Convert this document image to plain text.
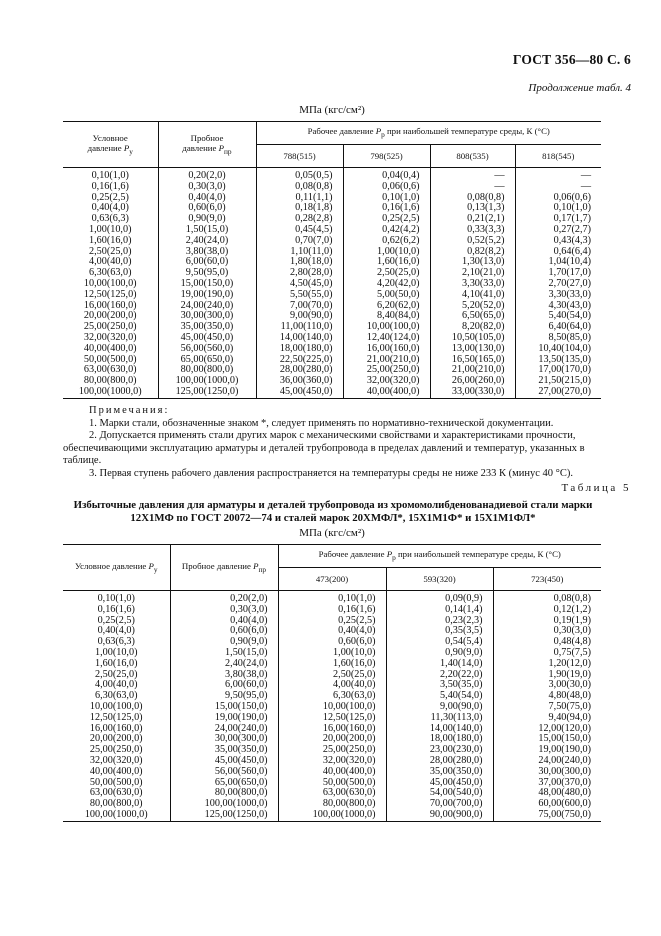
ГОСТ 356—80 С. 6
Продолжение табл. 4
МПа (кгс/см²)
Условное
давление $P_у$	Пробное
давление $P_{пр}$	Рабочее давление $P_р$ при наибольшей температуре среды, К (°С)			
		788(515)	798(525)	808(535)	818(545)
0,10(1,0)	0,20(2,0)	0,05(0,5)	0,04(0,4)	—	—
0,16(1,6)	0,30(3,0)	0,08(0,8)	0,06(0,6)	—	—
0,25(2,5)	0,40(4,0)	0,11(1,1)	0,10(1,0)	0,08(0,8)	0,06(0,6)
0,40(4,0)	0,60(6,0)	0,18(1,8)	0,16(1,6)	0,13(1,3)	0,10(1,0)
0,63(6,3)	0,90(9,0)	0,28(2,8)	0,25(2,5)	0,21(2,1)	0,17(1,7)
1,00(10,0)	1,50(15,0)	0,45(4,5)	0,42(4,2)	0,33(3,3)	0,27(2,7)
1,60(16,0)	2,40(24,0)	0,70(7,0)	0,62(6,2)	0,52(5,2)	0,43(4,3)
2,50(25,0)	3,80(38,0)	1,10(11,0)	1,00(10,0)	0,82(8,2)	0,64(6,4)
4,00(40,0)	6,00(60,0)	1,80(18,0)	1,60(16,0)	1,30(13,0)	1,04(10,4)
6,30(63,0)	9,50(95,0)	2,80(28,0)	2,50(25,0)	2,10(21,0)	1,70(17,0)
10,00(100,0)	15,00(150,0)	4,50(45,0)	4,20(42,0)	3,30(33,0)	2,70(27,0)
12,50(125,0)	19,00(190,0)	5,50(55,0)	5,00(50,0)	4,10(41,0)	3,30(33,0)
16,00(160,0)	24,00(240,0)	7,00(70,0)	6,20(62,0)	5,20(52,0)	4,30(43,0)
20,00(200,0)	30,00(300,0)	9,00(90,0)	8,40(84,0)	6,50(65,0)	5,40(54,0)
25,00(250,0)	35,00(350,0)	11,00(110,0)	10,00(100,0)	8,20(82,0)	6,40(64,0)
32,00(320,0)	45,00(450,0)	14,00(140,0)	12,40(124,0)	10,50(105,0)	8,50(85,0)
40,00(400,0)	56,00(560,0)	18,00(180,0)	16,00(160,0)	13,00(130,0)	10,40(104,0)
50,00(500,0)	65,00(650,0)	22,50(225,0)	21,00(210,0)	16,50(165,0)	13,50(135,0)
63,00(630,0)	80,00(800,0)	28,00(280,0)	25,00(250,0)	21,00(210,0)	17,00(170,0)
80,00(800,0)	100,00(1000,0)	36,00(360,0)	32,00(320,0)	26,00(260,0)	21,50(215,0)
100,00(1000,0)	125,00(1250,0)	45,00(450,0)	40,00(400,0)	33,00(330,0)	27,00(270,0)

Примечания:

1. Марки стали, обозначенные знаком *, следует применять по нормативно-технической документации.

2. Допускается применять стали других марок с механическими свойствами и характеристиками прочности, обеспечивающими эксплуатацию арматуры и деталей трубопровода в пределах давлений и температур, указанных в таблице.

3. Первая ступень рабочего давления распространяется на температуры среды не ниже 233 К (минус 40 °С).

Таблица 5
Избыточные давления для арматуры и деталей трубопровода из хромомолибденованадиевой стали марки 12Х1МФ по ГОСТ 20072—74 и сталей марок 20ХМФЛ*, 15Х1М1Ф* и 15Х1М1ФЛ*
МПа (кгс/см²)
Условное давление $P_у$	Пробное давление $P_{пр}$	Рабочее давление $P_р$ при наибольшей температуре среды, К (°С)		
		473(200)	593(320)	723(450)
0,10(1,0)	0,20(2,0)	0,10(1,0)	0,09(0,9)	0,08(0,8)
0,16(1,6)	0,30(3,0)	0,16(1,6)	0,14(1,4)	0,12(1,2)
0,25(2,5)	0,40(4,0)	0,25(2,5)	0,23(2,3)	0,19(1,9)
0,40(4,0)	0,60(6,0)	0,40(4,0)	0,35(3,5)	0,30(3,0)
0,63(6,3)	0,90(9,0)	0,60(6,0)	0,54(5,4)	0,48(4,8)
1,00(10,0)	1,50(15,0)	1,00(10,0)	0,90(9,0)	0,75(7,5)
1,60(16,0)	2,40(24,0)	1,60(16,0)	1,40(14,0)	1,20(12,0)
2,50(25,0)	3,80(38,0)	2,50(25,0)	2,20(22,0)	1,90(19,0)
4,00(40,0)	6,00(60,0)	4,00(40,0)	3,50(35,0)	3,00(30,0)
6,30(63,0)	9,50(95,0)	6,30(63,0)	5,40(54,0)	4,80(48,0)
10,00(100,0)	15,00(150,0)	10,00(100,0)	9,00(90,0)	7,50(75,0)
12,50(125,0)	19,00(190,0)	12,50(125,0)	11,30(113,0)	9,40(94,0)
16,00(160,0)	24,00(240,0)	16,00(160,0)	14,00(140,0)	12,00(120,0)
20,00(200,0)	30,00(300,0)	20,00(200,0)	18,00(180,0)	15,00(150,0)
25,00(250,0)	35,00(350,0)	25,00(250,0)	23,00(230,0)	19,00(190,0)
32,00(320,0)	45,00(450,0)	32,00(320,0)	28,00(280,0)	24,00(240,0)
40,00(400,0)	56,00(560,0)	40,00(400,0)	35,00(350,0)	30,00(300,0)
50,00(500,0)	65,00(650,0)	50,00(500,0)	45,00(450,0)	37,00(370,0)
63,00(630,0)	80,00(800,0)	63,00(630,0)	54,00(540,0)	48,00(480,0)
80,00(800,0)	100,00(1000,0)	80,00(800,0)	70,00(700,0)	60,00(600,0)
100,00(1000,0)	125,00(1250,0)	100,00(1000,0)	90,00(900,0)	75,00(750,0)
